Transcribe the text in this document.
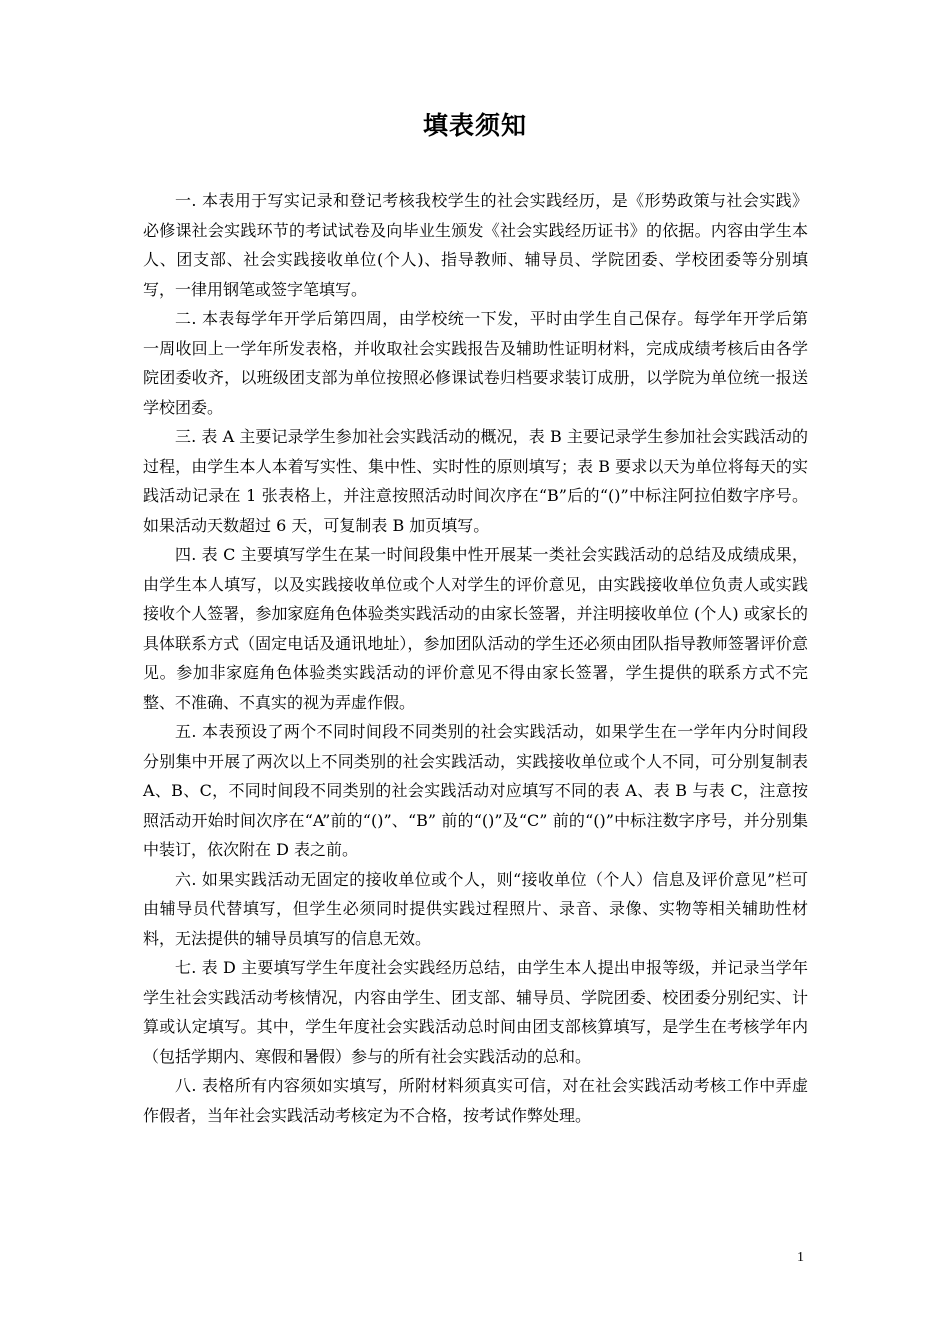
填表须知

一. 本表用于写实记录和登记考核我校学生的社会实践经历，是《形势政策与社会实践》必修课社会实践环节的考试试卷及向毕业生颁发《社会实践经历证书》的依据。内容由学生本人、团支部、社会实践接收单位(个人)、指导教师、辅导员、学院团委、学校团委等分别填写，一律用钢笔或签字笔填写。

二. 本表每学年开学后第四周，由学校统一下发，平时由学生自己保存。每学年开学后第一周收回上一学年所发表格，并收取社会实践报告及辅助性证明材料，完成成绩考核后由各学院团委收齐，以班级团支部为单位按照必修课试卷归档要求装订成册，以学院为单位统一报送学校团委。

三. 表 A 主要记录学生参加社会实践活动的概况，表 B 主要记录学生参加社会实践活动的过程，由学生本人本着写实性、集中性、实时性的原则填写；表 B 要求以天为单位将每天的实践活动记录在 1 张表格上，并注意按照活动时间次序在“B”后的“()”中标注阿拉伯数字序号。如果活动天数超过 6 天，可复制表 B 加页填写。

四. 表 C 主要填写学生在某一时间段集中性开展某一类社会实践活动的总结及成绩成果，由学生本人填写，以及实践接收单位或个人对学生的评价意见，由实践接收单位负责人或实践接收个人签署，参加家庭角色体验类实践活动的由家长签署，并注明接收单位 (个人) 或家长的具体联系方式（固定电话及通讯地址），参加团队活动的学生还必须由团队指导教师签署评价意见。参加非家庭角色体验类实践活动的评价意见不得由家长签署，学生提供的联系方式不完整、不准确、不真实的视为弄虚作假。

五. 本表预设了两个不同时间段不同类别的社会实践活动，如果学生在一学年内分时间段分别集中开展了两次以上不同类别的社会实践活动，实践接收单位或个人不同，可分别复制表 A、B、C，不同时间段不同类别的社会实践活动对应填写不同的表 A、表 B 与表 C，注意按照活动开始时间次序在“A”前的“()”、“B” 前的“()”及“C” 前的“()”中标注数字序号，并分别集中装订，依次附在 D 表之前。

六. 如果实践活动无固定的接收单位或个人，则“接收单位（个人）信息及评价意见”栏可由辅导员代替填写，但学生必须同时提供实践过程照片、录音、录像、实物等相关辅助性材料，无法提供的辅导员填写的信息无效。

七. 表 D 主要填写学生年度社会实践经历总结，由学生本人提出申报等级，并记录当学年学生社会实践活动考核情况，内容由学生、团支部、辅导员、学院团委、校团委分别纪实、计算或认定填写。其中，学生年度社会实践活动总时间由团支部核算填写，是学生在考核学年内（包括学期内、寒假和暑假）参与的所有社会实践活动的总和。

八. 表格所有内容须如实填写，所附材料须真实可信，对在社会实践活动考核工作中弄虚作假者，当年社会实践活动考核定为不合格，按考试作弊处理。

1
